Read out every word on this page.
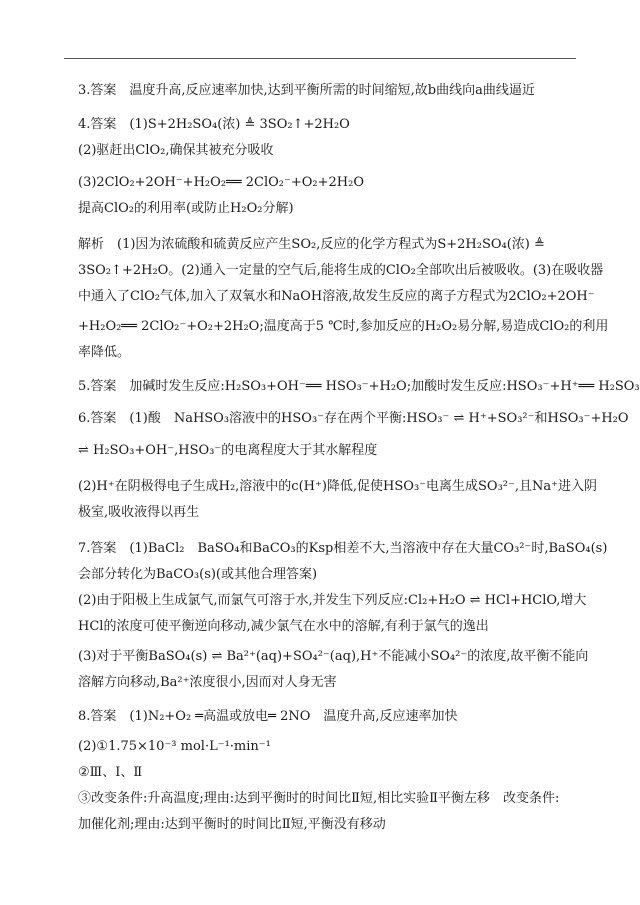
3.答案　温度升高,反应速率加快,达到平衡所需的时间缩短,故b曲线向a曲线逼近
4.答案　(1)S+2H₂SO₄(浓) ≜ 3SO₂↑+2H₂O
(2)驱赶出ClO₂,确保其被充分吸收
(3)2ClO₂+2OH⁻+H₂O₂══ 2ClO₂⁻+O₂+2H₂O
提高ClO₂的利用率(或防止H₂O₂分解)
解析　(1)因为浓硫酸和硫黄反应产生SO₂,反应的化学方程式为S+2H₂SO₄(浓) ≜
3SO₂↑+2H₂O。(2)通入一定量的空气后,能将生成的ClO₂全部吹出后被吸收。(3)在吸收器
中通入了ClO₂气体,加入了双氧水和NaOH溶液,故发生反应的离子方程式为2ClO₂+2OH⁻
+H₂O₂══ 2ClO₂⁻+O₂+2H₂O;温度高于5 ℃时,参加反应的H₂O₂易分解,易造成ClO₂的利用
率降低。
5.答案　加碱时发生反应:H₂SO₃+OH⁻══ HSO₃⁻+H₂O;加酸时发生反应:HSO₃⁻+H⁺══ H₂SO₃
6.答案　(1)酸　NaHSO₃溶液中的HSO₃⁻存在两个平衡:HSO₃⁻ ⇌ H⁺+SO₃²⁻和HSO₃⁻+H₂O
⇌ H₂SO₃+OH⁻,HSO₃⁻的电离程度大于其水解程度
(2)H⁺在阴极得电子生成H₂,溶液中的c(H⁺)降低,促使HSO₃⁻电离生成SO₃²⁻,且Na⁺进入阴
极室,吸收液得以再生
7.答案　(1)BaCl₂　BaSO₄和BaCO₃的Ksp相差不大,当溶液中存在大量CO₃²⁻时,BaSO₄(s)
会部分转化为BaCO₃(s)(或其他合理答案)
(2)由于阳极上生成氯气,而氯气可溶于水,并发生下列反应:Cl₂+H₂O ⇌ HCl+HClO,增大
HCl的浓度可使平衡逆向移动,减少氯气在水中的溶解,有利于氯气的逸出
(3)对于平衡BaSO₄(s) ⇌ Ba²⁺(aq)+SO₄²⁻(aq),H⁺不能减小SO₄²⁻的浓度,故平衡不能向
溶解方向移动,Ba²⁺浓度很小,因而对人身无害
8.答案　(1)N₂+O₂ ═高温或放电═ 2NO　温度升高,反应速率加快
(2)①1.75×10⁻³ mol·L⁻¹·min⁻¹
②Ⅲ、Ⅰ、Ⅱ
③改变条件:升高温度;理由:达到平衡时的时间比Ⅱ短,相比实验Ⅱ平衡左移　改变条件:
加催化剂;理由:达到平衡时的时间比Ⅱ短,平衡没有移动
